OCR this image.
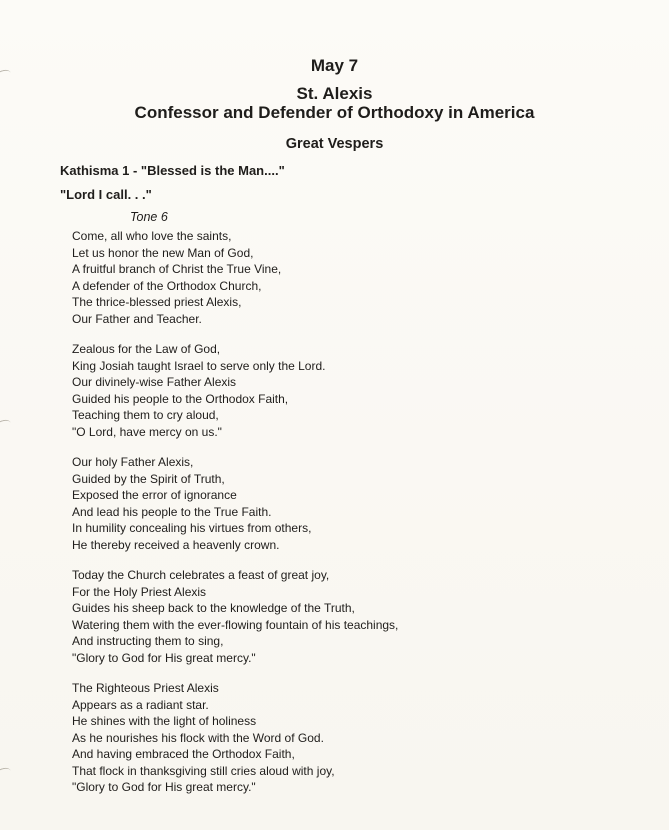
May 7
St. Alexis
Confessor and Defender of Orthodoxy in America
Great Vespers

Kathisma 1 - "Blessed is the Man...."

"Lord I call. . ."

Tone 6

Come, all who love the saints,
Let us honor the new Man of God,
A fruitful branch of Christ the True Vine,
A defender of the Orthodox Church,
The thrice-blessed priest Alexis,
Our Father and Teacher.
Zealous for the Law of God,
King Josiah taught Israel to serve only the Lord.
Our divinely-wise Father Alexis
Guided his people to the Orthodox Faith,
Teaching them to cry aloud,
"O Lord, have mercy on us."
Our holy Father Alexis,
Guided by the Spirit of Truth,
Exposed the error of ignorance
And lead his people to the True Faith.
In humility concealing his virtues from others,
He thereby received a heavenly crown.
Today the Church celebrates a feast of great joy,
For the Holy Priest Alexis
Guides his sheep back to the knowledge of the Truth,
Watering them with the ever-flowing fountain of his teachings,
And instructing them to sing,
"Glory to God for His great mercy."
The Righteous Priest Alexis
Appears as a radiant star.
He shines with the light of holiness
As he nourishes his flock with the Word of God.
And having embraced the Orthodox Faith,
That flock in thanksgiving still cries aloud with joy,
"Glory to God for His great mercy."
